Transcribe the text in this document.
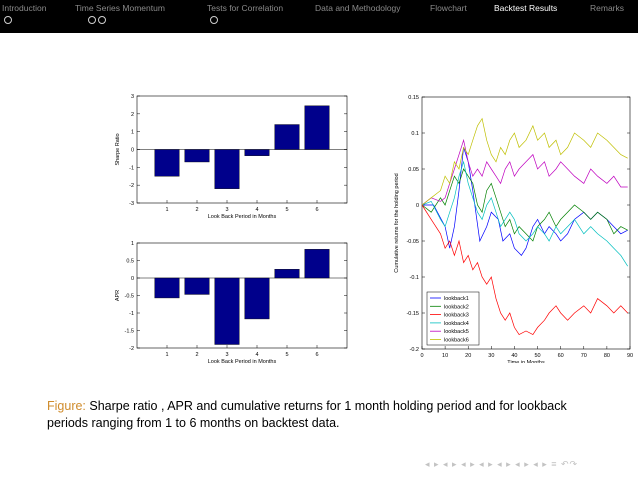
Introduction	Time Series Momentum	Tests for Correlation	Data and Methodology	Flowchart	Backtest Results	Remarks
-3
-2
-1
0
1
2
3
1	2	3	4	5	6
Look Back Period in Months
Sharpe Ratio
-2
-1.5
-1
-0.5
0
0.5
1
1	2	3	4	5	6
Look Back Period in Months
APR
-0.2
-0.15
-0.1
-0.05
0
0.05
0.1
0.15
0	10	20	30	40	50	60	70	80	90
Time in Months
Cumulative returns for the holding period
lookback1
lookback2
lookback3
lookback4
lookback5
lookback6
Figure: Sharpe ratio , APR and cumulative returns for 1 month holding period and for lookback periods ranging from 1 to 6 months on backtest data.
◂ ▸ ◂ ▸ ◂ ▸ ◂ ▸ ◂ ▸ ◂ ▸ ◂ ▸ ≡ ↶↷
